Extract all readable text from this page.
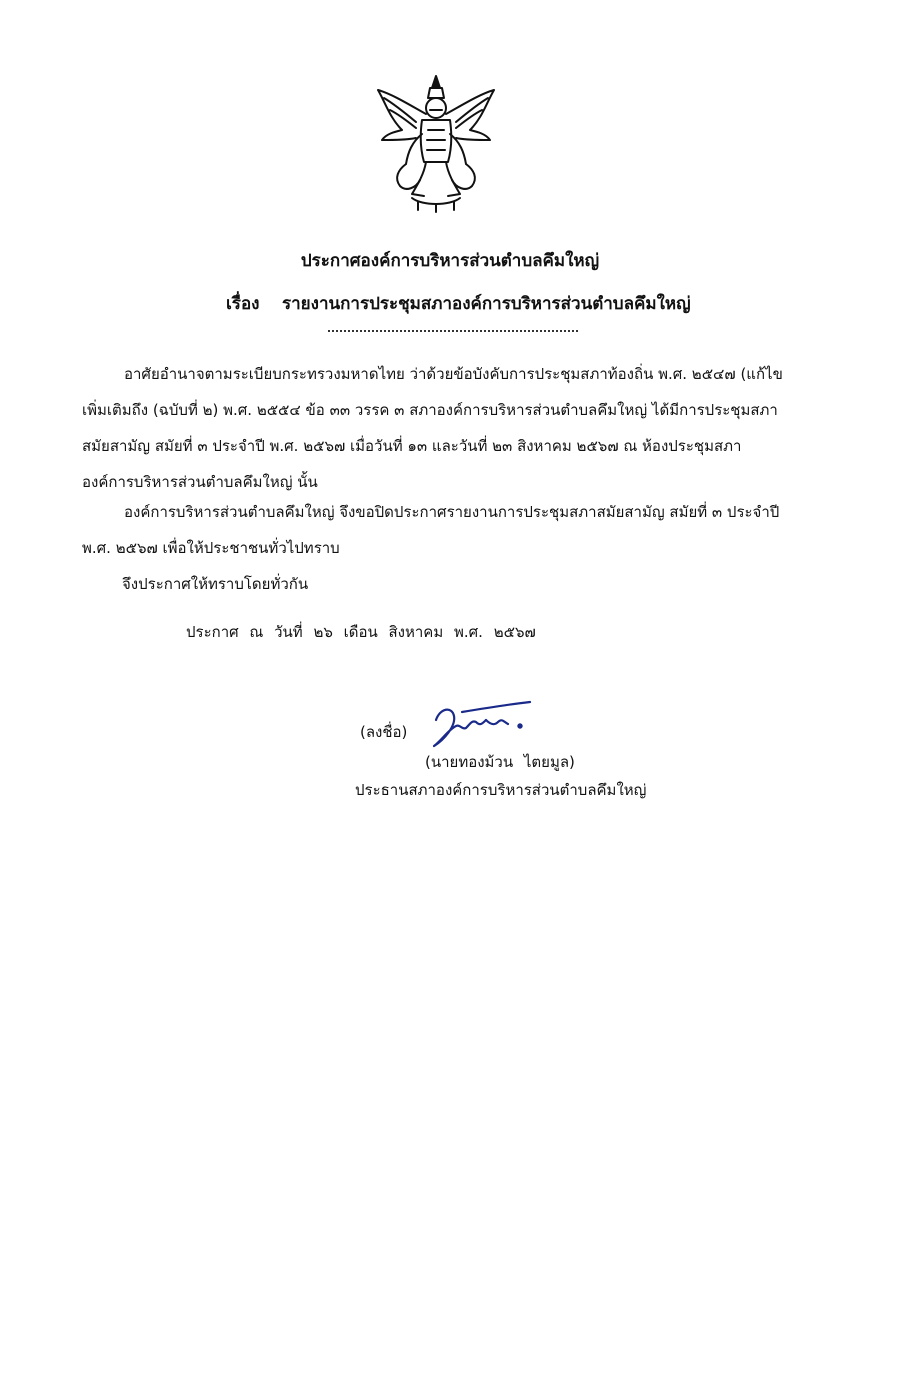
ประกาศองค์การบริหารส่วนตำบลคึมใหญ่
เรื่อง รายงานการประชุมสภาองค์การบริหารส่วนตำบลคึมใหญ่
อาศัยอำนาจตามระเบียบกระทรวงมหาดไทย ว่าด้วยข้อบังคับการประชุมสภาท้องถิ่น พ.ศ. ๒๕๔๗ (แก้ไข
เพิ่มเติมถึง (ฉบับที่ ๒) พ.ศ. ๒๕๕๔ ข้อ ๓๓ วรรค ๓ สภาองค์การบริหารส่วนตำบลคึมใหญ่ ได้มีการประชุมสภา
สมัยสามัญ สมัยที่ ๓ ประจำปี พ.ศ. ๒๕๖๗ เมื่อวันที่ ๑๓ และวันที่ ๒๓ สิงหาคม ๒๕๖๗ ณ ห้องประชุมสภา
องค์การบริหารส่วนตำบลคึมใหญ่ นั้น
องค์การบริหารส่วนตำบลคึมใหญ่ จึงขอปิดประกาศรายงานการประชุมสภาสมัยสามัญ สมัยที่ ๓ ประจำปี
พ.ศ. ๒๕๖๗ เพื่อให้ประชาชนทั่วไปทราบ
จึงประกาศให้ทราบโดยทั่วกัน
ประกาศ ณ วันที่ ๒๖ เดือน สิงหาคม พ.ศ. ๒๕๖๗
(ลงชื่อ)
(นายทองม้วน ไตยมูล)
ประธานสภาองค์การบริหารส่วนตำบลคึมใหญ่
